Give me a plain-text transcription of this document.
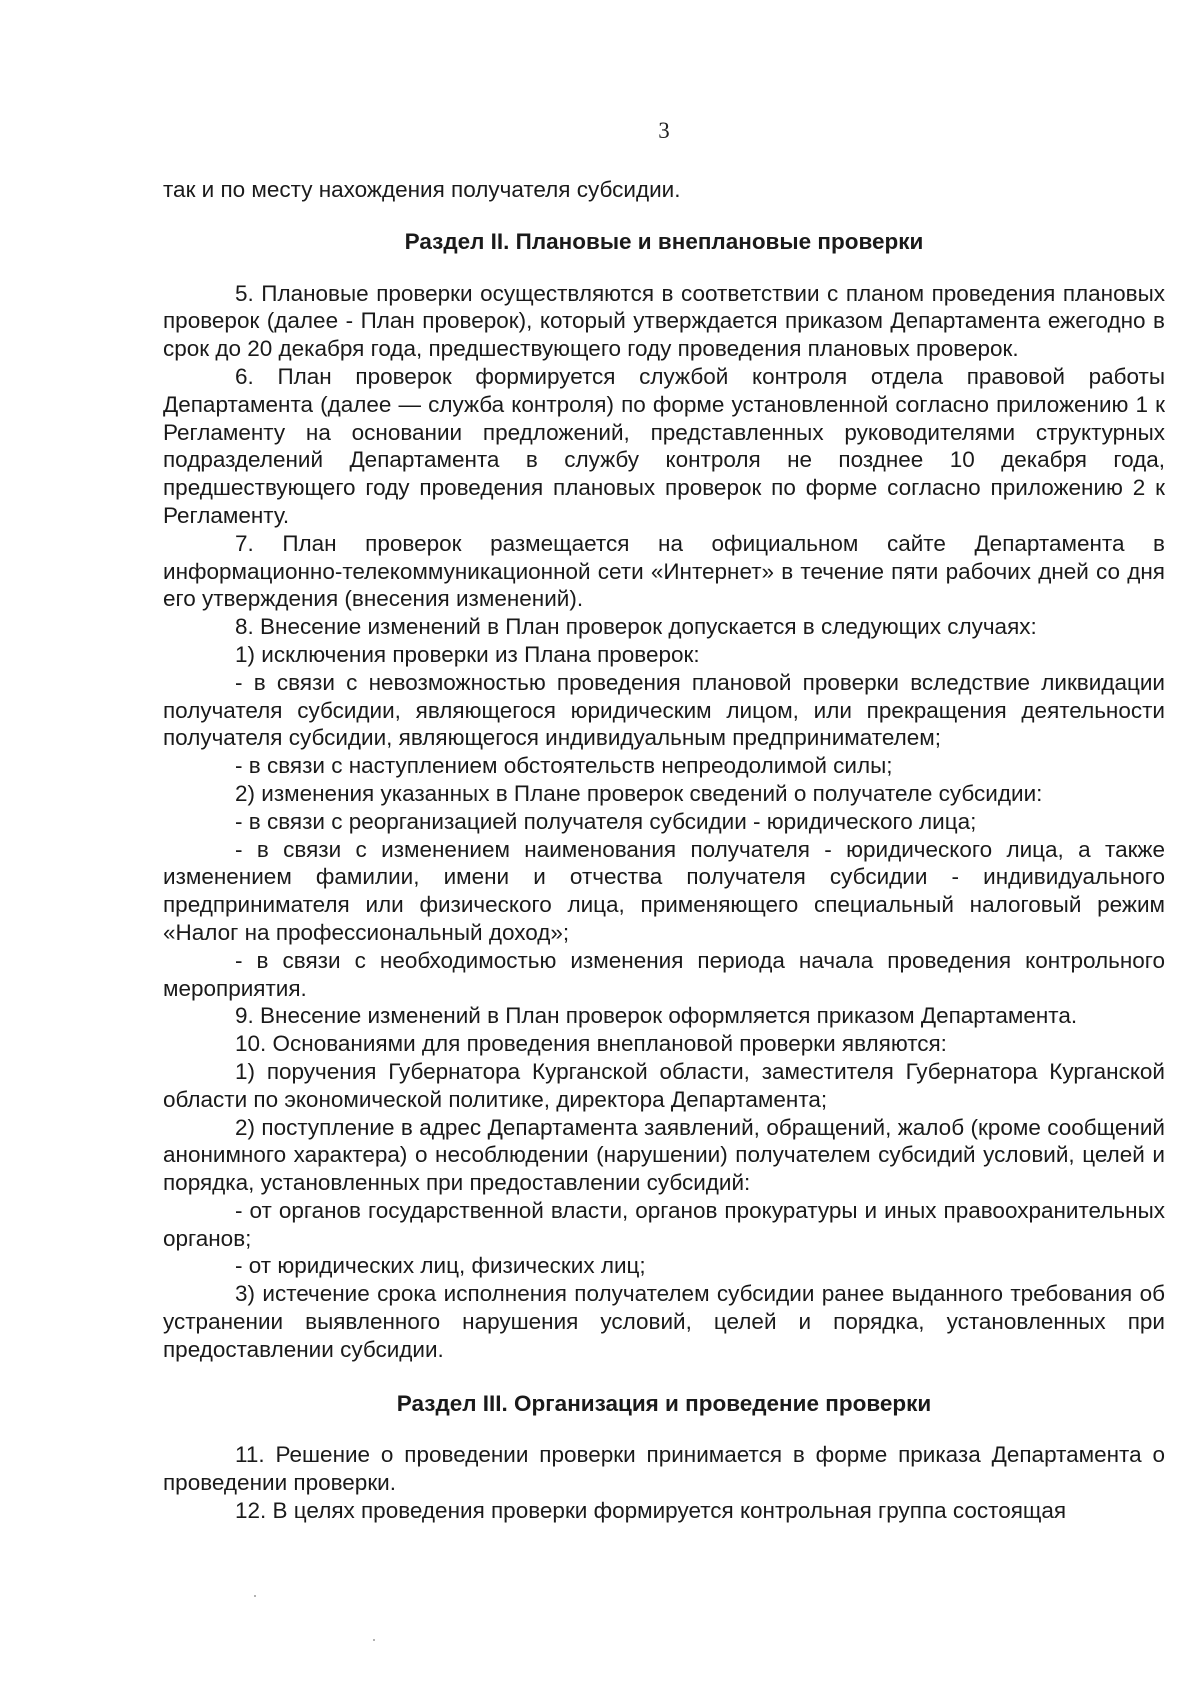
3

так и по месту нахождения получателя субсидии.

Раздел II. Плановые и внеплановые проверки

5. Плановые проверки осуществляются в соответствии с планом проведения плановых проверок (далее - План проверок), который утверждается приказом Департамента ежегодно в срок до 20 декабря года, предшествующего году проведения плановых проверок.

6. План проверок формируется службой контроля отдела правовой работы Департамента (далее — служба контроля) по форме установленной согласно приложению 1 к Регламенту на основании предложений, представленных руководителями структурных подразделений Департамента в службу контроля не позднее 10 декабря года, предшествующего году проведения плановых проверок по форме согласно приложению 2 к Регламенту.

7. План проверок размещается на официальном сайте Департамента в информационно-телекоммуникационной сети «Интернет» в течение пяти рабочих дней со дня его утверждения (внесения изменений).

8. Внесение изменений в План проверок допускается в следующих случаях:

1) исключения проверки из Плана проверок:

- в связи с невозможностью проведения плановой проверки вследствие ликвидации получателя субсидии, являющегося юридическим лицом, или прекращения деятельности получателя субсидии, являющегося индивидуальным предпринимателем;

- в связи с наступлением обстоятельств непреодолимой силы;

2) изменения указанных в Плане проверок сведений о получателе субсидии:

- в связи с реорганизацией получателя субсидии - юридического лица;

- в связи с изменением наименования получателя - юридического лица, а также изменением фамилии, имени и отчества получателя субсидии - индивидуального предпринимателя или физического лица, применяющего специальный налоговый режим «Налог на профессиональный доход»;

- в связи с необходимостью изменения периода начала проведения контрольного мероприятия.

9. Внесение изменений в План проверок оформляется приказом Департамента.

10. Основаниями для проведения внеплановой проверки являются:

1) поручения Губернатора Курганской области, заместителя Губернатора Курганской области по экономической политике, директора Департамента;

2) поступление в адрес Департамента заявлений, обращений, жалоб (кроме сообщений анонимного характера) о несоблюдении (нарушении) получателем субсидий условий, целей и порядка, установленных при предоставлении субсидий:

- от органов государственной власти, органов прокуратуры и иных правоохранительных органов;

- от юридических лиц, физических лиц;

3) истечение срока исполнения получателем субсидии ранее выданного требования об устранении выявленного нарушения условий, целей и порядка, установленных при предоставлении субсидии.

Раздел III. Организация и проведение проверки

11. Решение о проведении проверки принимается в форме приказа Департамента о проведении проверки.

12. В целях проведения проверки формируется контрольная группа состоящая
